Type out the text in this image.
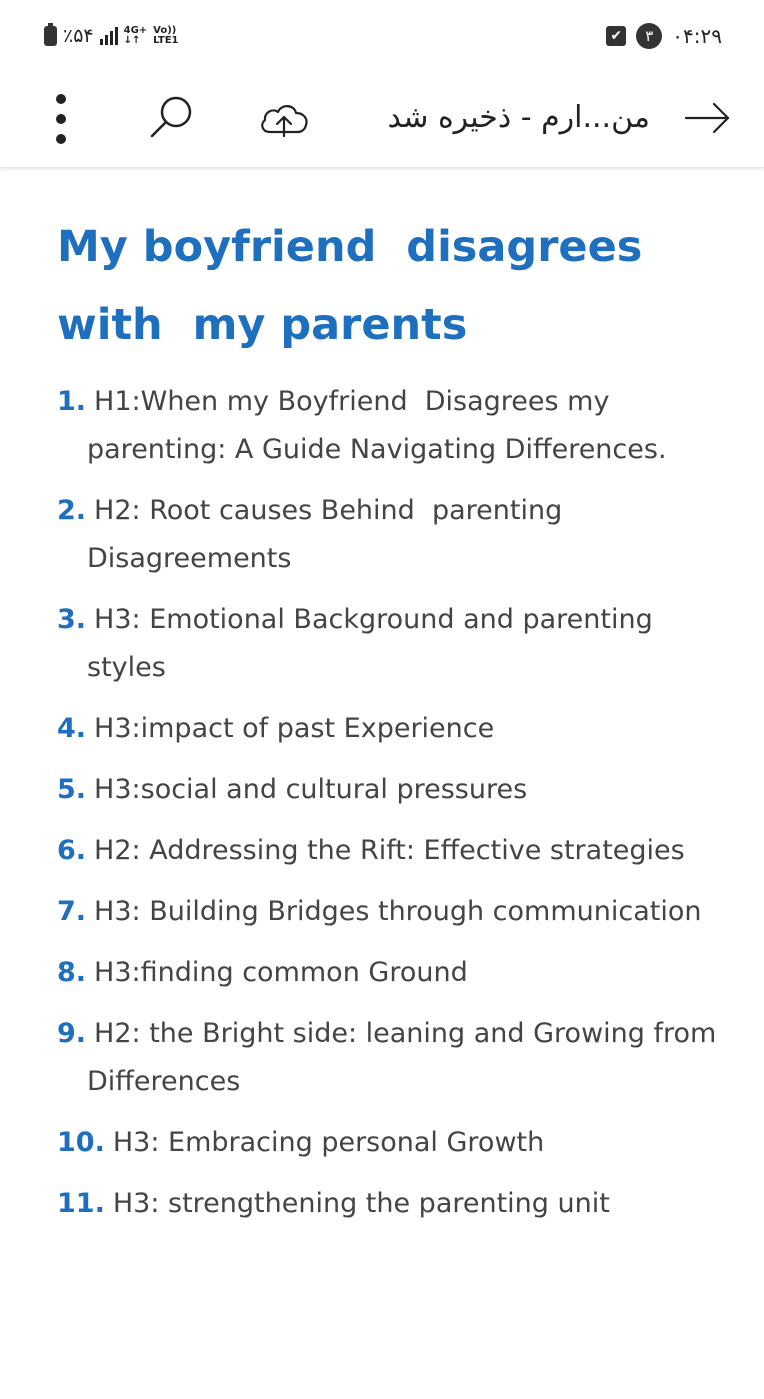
٪۵۴	4G+
↓↑
Vo))
LTE1	✔	۳ ۰۴:۲۹
من...ارم - ذخیره شد
My boyfriend  disagrees with  my parents
1. H1:When my Boyfriend  Disagrees my parenting: A Guide Navigating Differences.
2. H2: Root causes Behind  parenting Disagreements
3. H3: Emotional Background and parenting styles
4. H3:impact of past Experience
5. H3:social and cultural pressures
6. H2: Addressing the Rift: Effective strategies
7. H3: Building Bridges through communication
8. H3:finding common Ground
9. H2: the Bright side: leaning and Growing from Differences
10. H3: Embracing personal Growth
11. H3: strengthening the parenting unit
